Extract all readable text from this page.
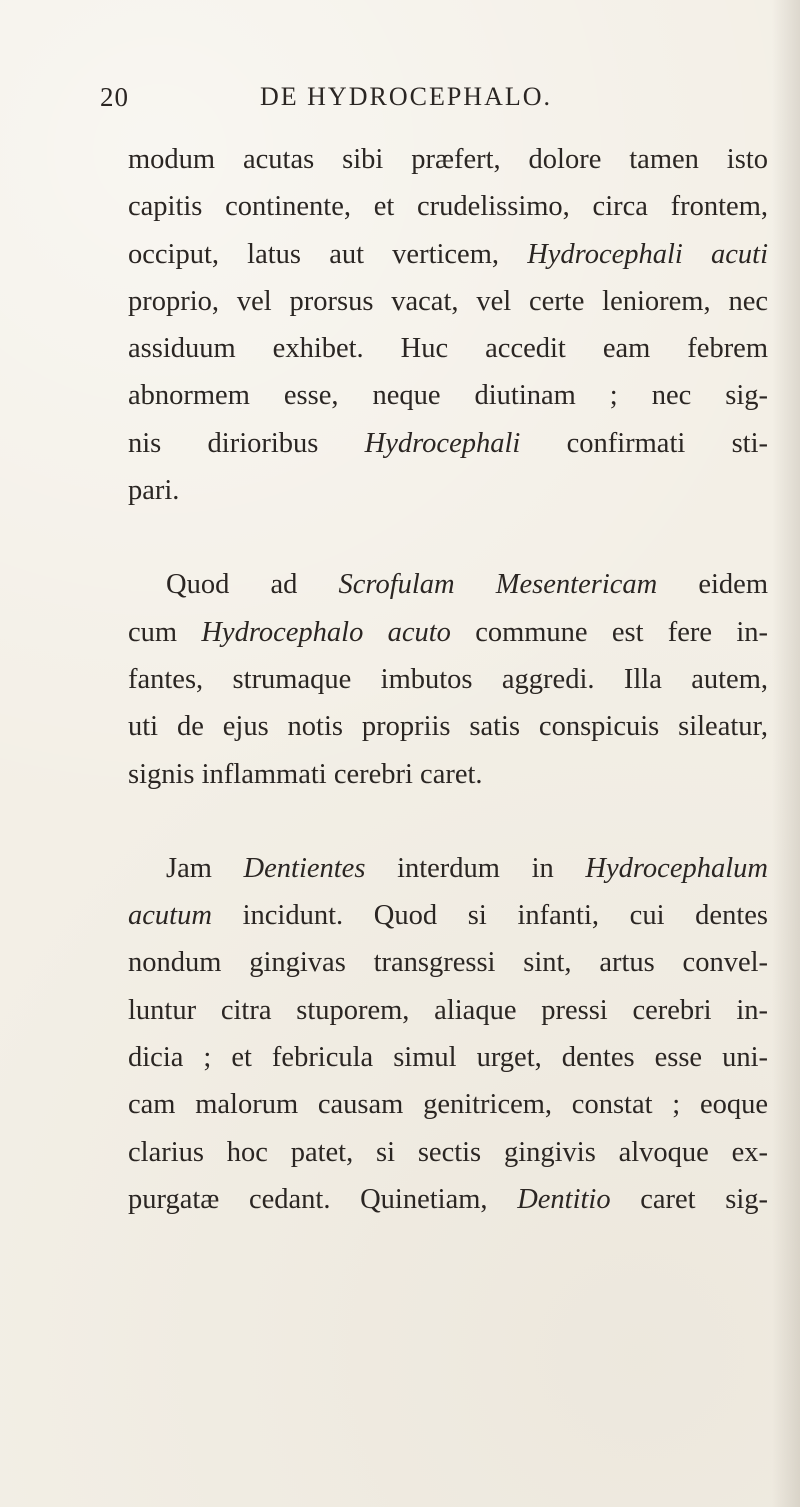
20	DE HYDROCEPHALO.
modum acutas sibi præfert, dolore tamen isto
capitis continente, et crudelissimo, circa frontem,
occiput, latus aut verticem, Hydrocephali acuti
proprio, vel prorsus vacat, vel certe leniorem, nec
assiduum exhibet. Huc accedit eam febrem
abnormem esse, neque diutinam ; nec sig-
nis dirioribus Hydrocephali confirmati sti-
pari.
Quod ad Scrofulam Mesentericam eidem
cum Hydrocephalo acuto commune est fere in-
fantes, strumaque imbutos aggredi. Illa autem,
uti de ejus notis propriis satis conspicuis sileatur,
signis inflammati cerebri caret.
Jam Dentientes interdum in Hydrocephalum
acutum incidunt. Quod si infanti, cui dentes
nondum gingivas transgressi sint, artus convel-
luntur citra stuporem, aliaque pressi cerebri in-
dicia ; et febricula simul urget, dentes esse uni-
cam malorum causam genitricem, constat ; eoque
clarius hoc patet, si sectis gingivis alvoque ex-
purgatæ cedant. Quinetiam, Dentitio caret sig-
